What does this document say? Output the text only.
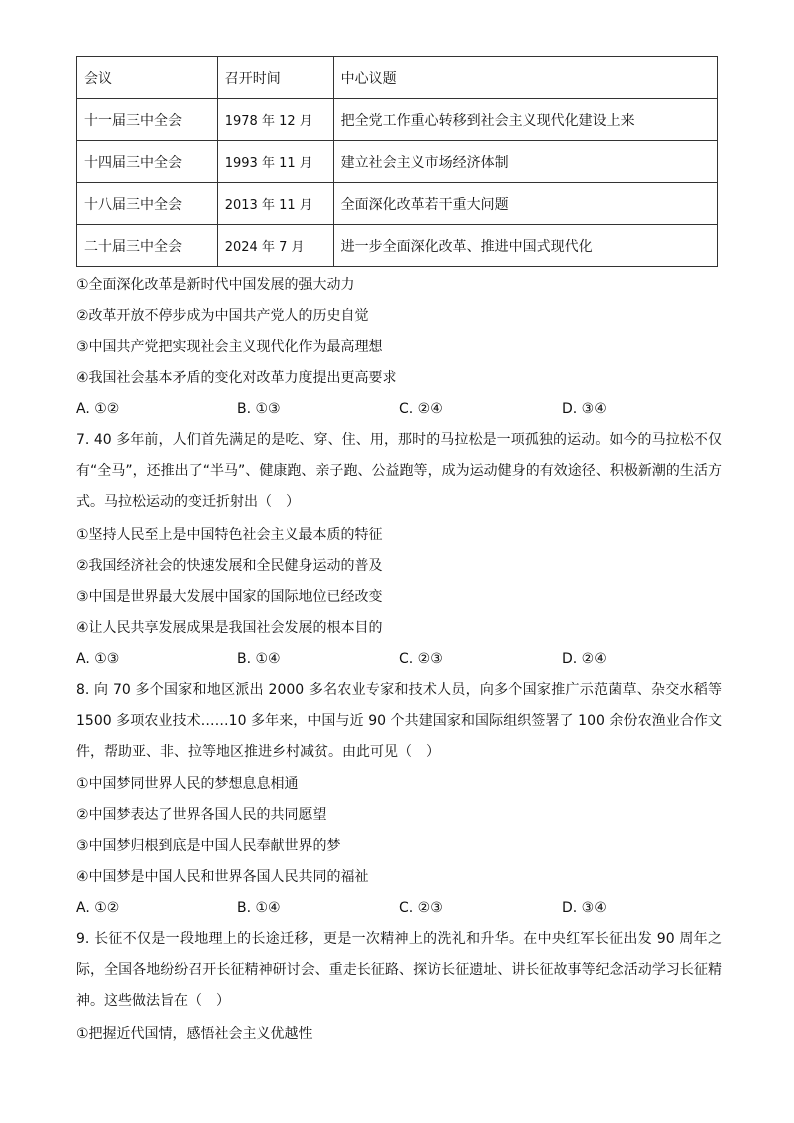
会议	召开时间	中心议题
十一届三中全会	1978 年 12 月	把全党工作重心转移到社会主义现代化建设上来
十四届三中全会	1993 年 11 月	建立社会主义市场经济体制
十八届三中全会	2013 年 11 月	全面深化改革若干重大问题
二十届三中全会	2024 年 7 月	进一步全面深化改革、推进中国式现代化
①全面深化改革是新时代中国发展的强大动力
②改革开放不停步成为中国共产党人的历史自觉
③中国共产党把实现社会主义现代化作为最高理想
④我国社会基本矛盾的变化对改革力度提出更高要求
A. ①②	B. ①③	C. ②④	D. ③④
7. 40 多年前，人们首先满足的是吃、穿、住、用，那时的马拉松是一项孤独的运动。如今的马拉松不仅有“全马”，还推出了“半马”、健康跑、亲子跑、公益跑等，成为运动健身的有效途径、积极新潮的生活方式。马拉松运动的变迁折射出（　）
①坚持人民至上是中国特色社会主义最本质的特征
②我国经济社会的快速发展和全民健身运动的普及
③中国是世界最大发展中国家的国际地位已经改变
④让人民共享发展成果是我国社会发展的根本目的
A. ①③	B. ①④	C. ②③	D. ②④
8. 向 70 多个国家和地区派出 2000 多名农业专家和技术人员，向多个国家推广示范菌草、杂交水稻等 1500 多项农业技术……10 多年来，中国与近 90 个共建国家和国际组织签署了 100 余份农渔业合作文件，帮助亚、非、拉等地区推进乡村减贫。由此可见（　）
①中国梦同世界人民的梦想息息相通
②中国梦表达了世界各国人民的共同愿望
③中国梦归根到底是中国人民奉献世界的梦
④中国梦是中国人民和世界各国人民共同的福祉
A. ①②	B. ①④	C. ②③	D. ③④
9. 长征不仅是一段地理上的长途迁移，更是一次精神上的洗礼和升华。在中央红军长征出发 90 周年之际，全国各地纷纷召开长征精神研讨会、重走长征路、探访长征遗址、讲长征故事等纪念活动学习长征精神。这些做法旨在（　）
①把握近代国情，感悟社会主义优越性
